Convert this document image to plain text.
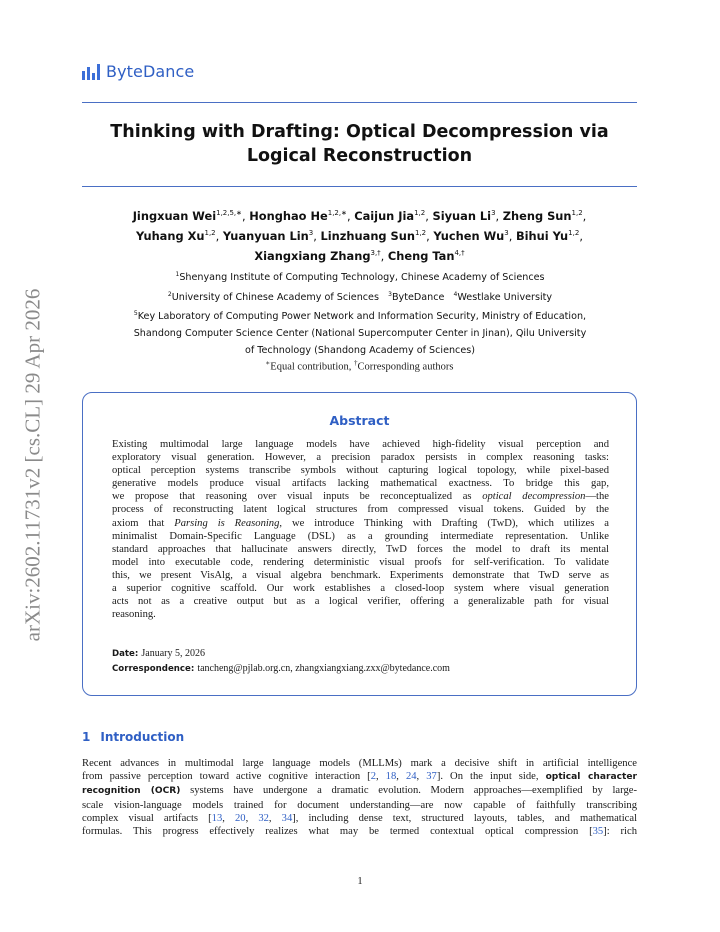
arXiv:2602.11731v2 [cs.CL] 29 Apr 2026
ByteDance
Thinking with Drafting: Optical Decompression via
Logical Reconstruction
Jingxuan Wei$^{1,2,5,∗}$, Honghao $He^{1,2,∗}$, Caijun Jia$^{1,2}$, Siyuan Li$^3$, Zheng Sun$^{1,2}$,
Yuhang Xu$^{1,2}$, Yuanyuan Lin$^3$, Linzhuang Sun$^{1,2}$, Yuchen Wu$^3$, Bihui Yu$^{1,2}$,
Xiangxiang Zhang$^{3,\dagger}$, Cheng Tan$^{4,\dagger}$
$^1$Shenyang Institute of Computing Technology, Chinese Academy of Sciences
$^2$University of Chinese Academy of Sciences $^3$ByteDance $^4$Westlake University
$^5$Key Laboratory of Computing Power Network and Information Security, Ministry of Education,
Shandong Computer Science Center (National Supercomputer Center in Jinan), Qilu University
of Technology (Shandong Academy of Sciences)
∗Equal contribution, †Corresponding authors
Abstract
Existing multimodal large language models have achieved high-fidelity visual perception and
exploratory visual generation. However, a precision paradox persists in complex reasoning tasks:
optical perception systems transcribe symbols without capturing logical topology, while pixel-based
generative models produce visual artifacts lacking mathematical exactness. To bridge this gap,
we propose that reasoning over visual inputs be reconceptualized as optical decompression—the
process of reconstructing latent logical structures from compressed visual tokens. Guided by the
axiom that Parsing is Reasoning, we introduce Thinking with Drafting (TwD), which utilizes a
minimalist Domain-Specific Language (DSL) as a grounding intermediate representation. Unlike
standard approaches that hallucinate answers directly, TwD forces the model to draft its mental
model into executable code, rendering deterministic visual proofs for self-verification. To validate
this, we present VisAlg, a visual algebra benchmark. Experiments demonstrate that TwD serve as
a superior cognitive scaffold. Our work establishes a closed-loop system where visual generation
acts not as a creative output but as a logical verifier, offering a generalizable path for visual
reasoning.
Date: January 5, 2026
Correspondence: tancheng@pjlab.org.cn, zhangxiangxiang.zxx@bytedance.com
1 Introduction
Recent advances in multimodal large language models (MLLMs) mark a decisive shift in artificial intelligence
from passive perception toward active cognitive interaction [2, 18, 24, 37]. On the input side, optical character
recognition (OCR) systems have undergone a dramatic evolution. Modern approaches—exemplified by large-
scale vision-language models trained for document understanding—are now capable of faithfully transcribing
complex visual artifacts [13, 20, 32, 34], including dense text, structured layouts, tables, and mathematical
formulas. This progress effectively realizes what may be termed contextual optical compression [35]: rich
1
